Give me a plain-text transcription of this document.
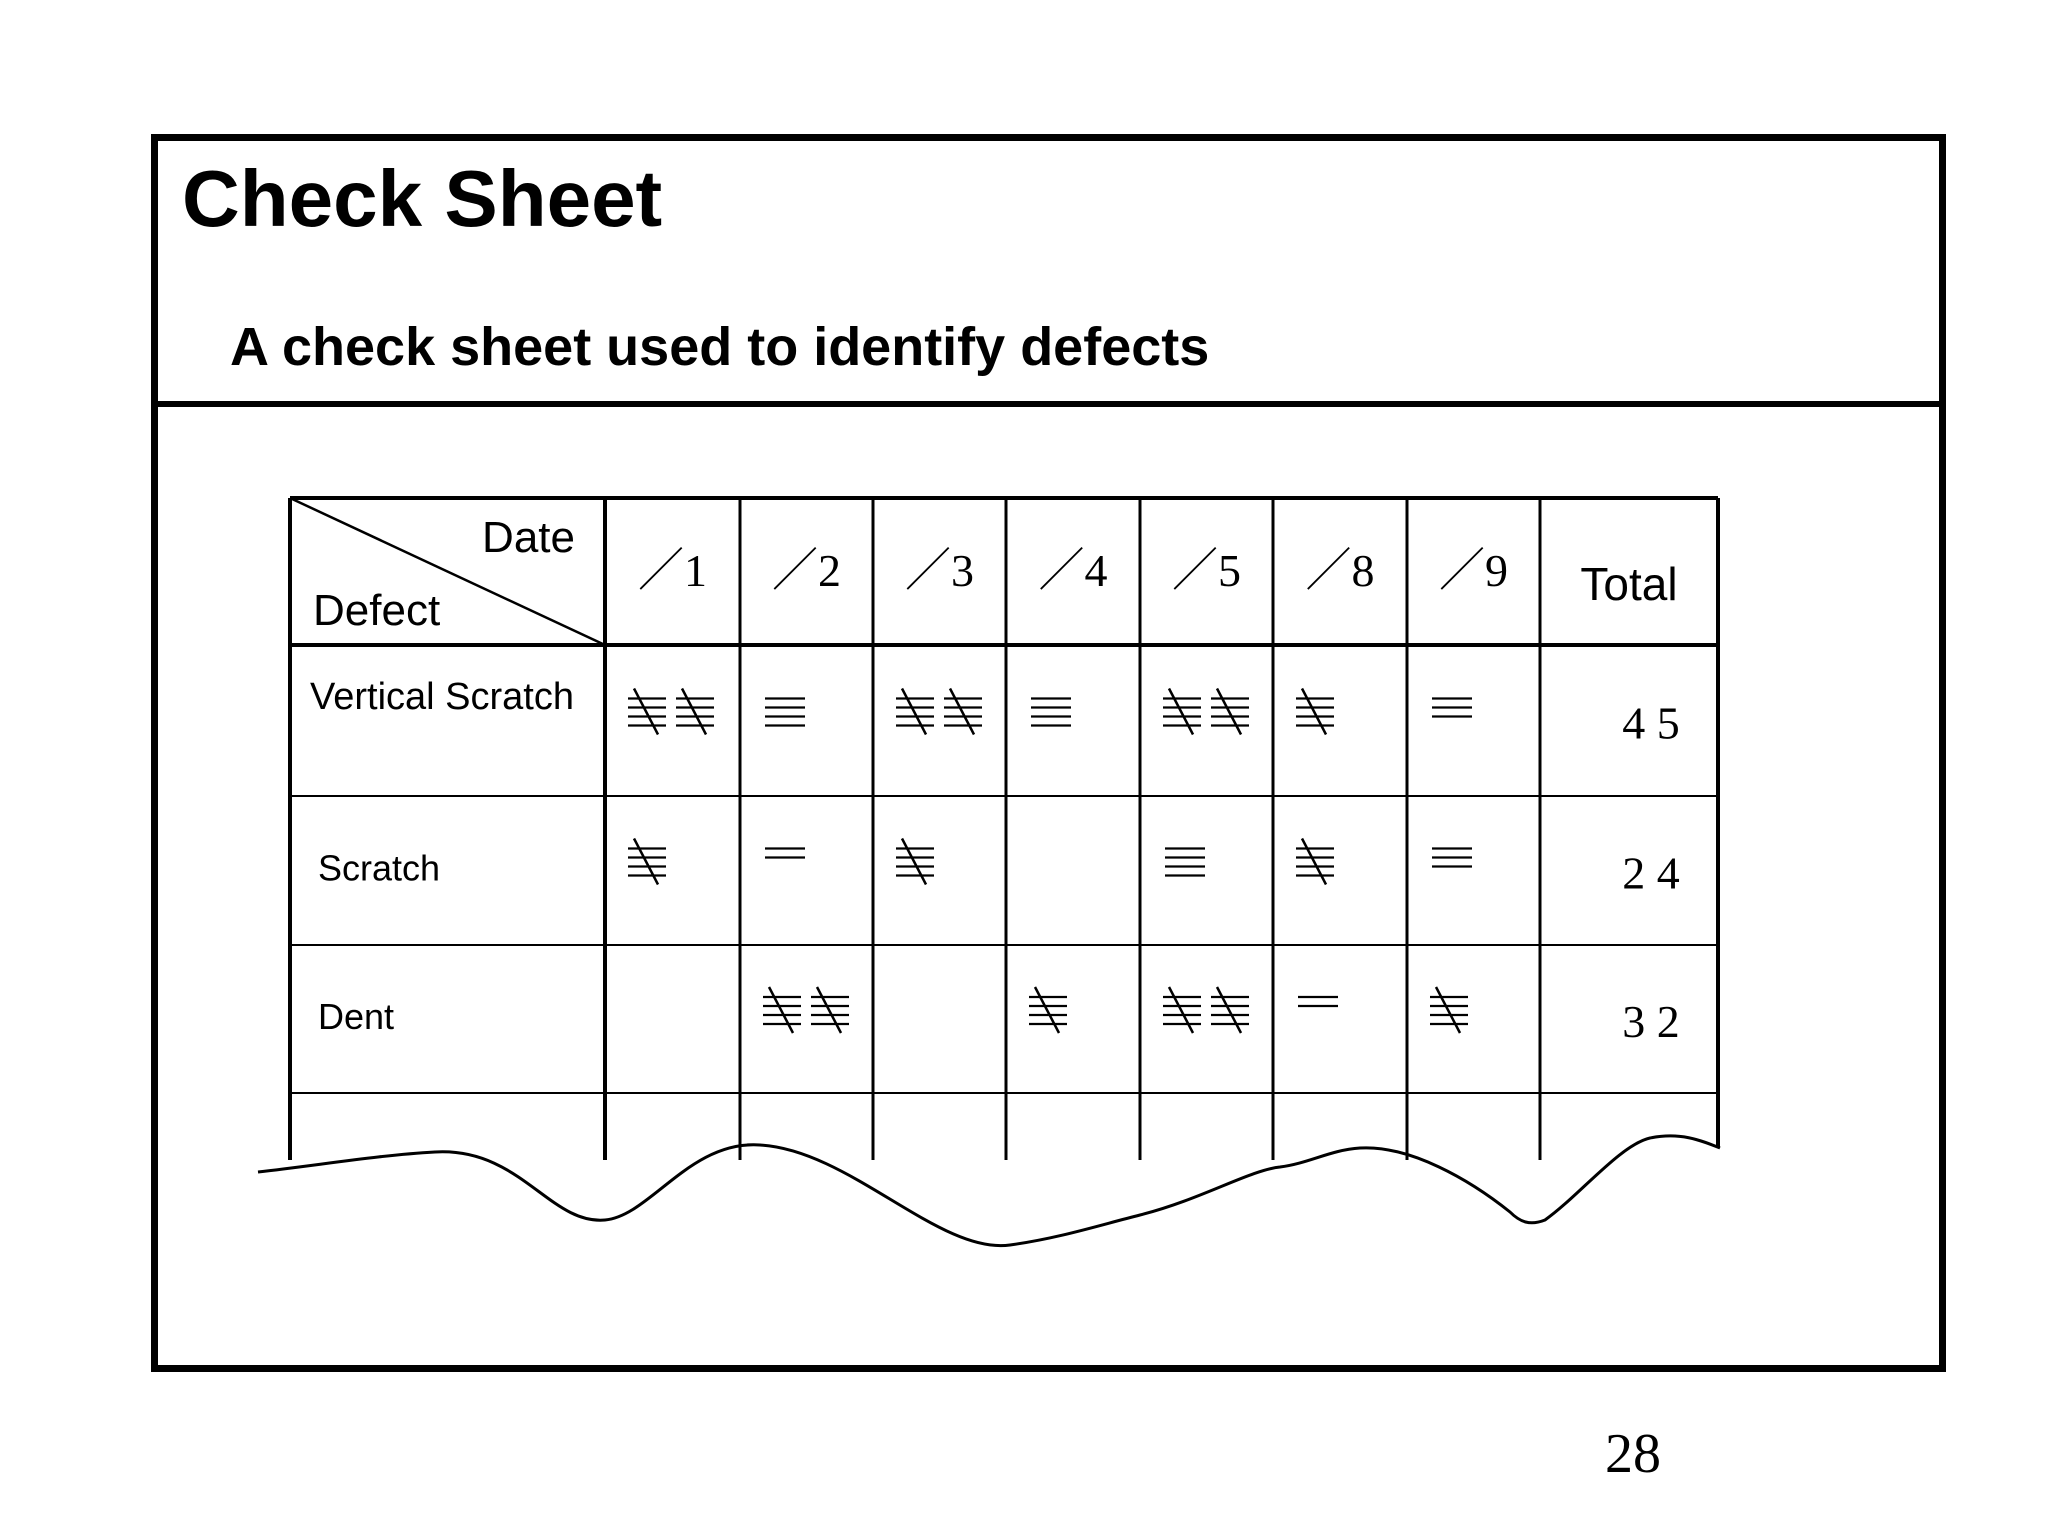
Check Sheet
A check sheet used to identify defects
Date
Defect
／1 ／2 ／3 ／4 ／5 ／8 ／9 Total
Vertical Scratch
4 5
Scratch	2 4
Dent	3 2
28
